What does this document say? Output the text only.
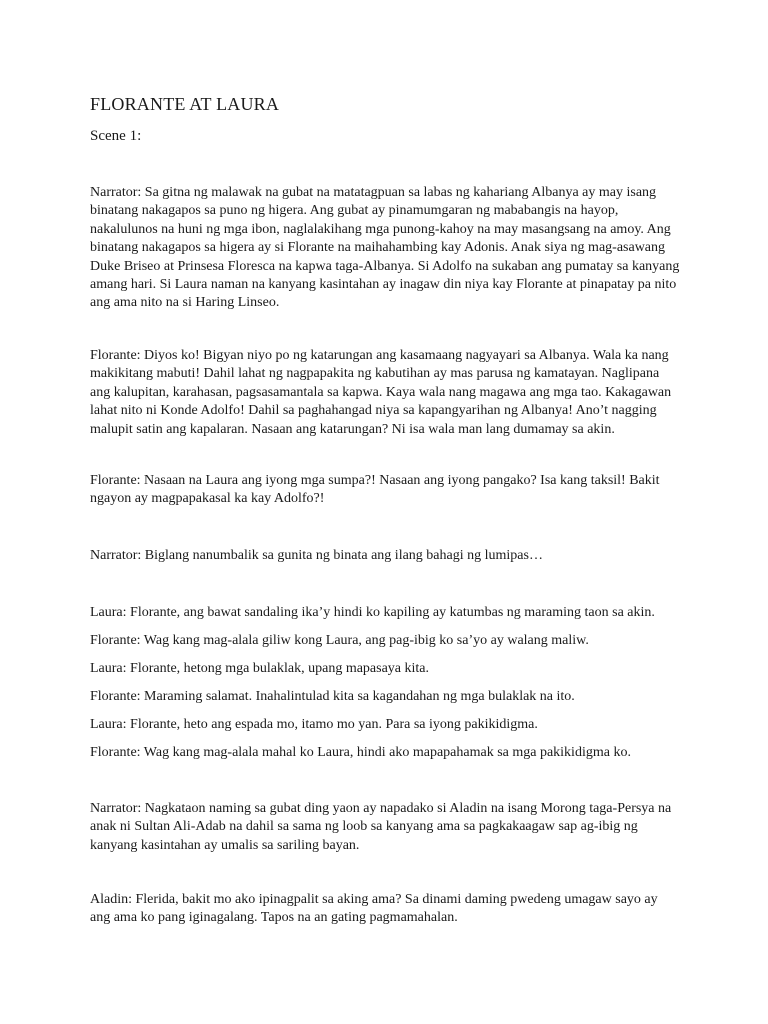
FLORANTE AT LAURA

Scene 1:

Narrator: Sa gitna ng malawak na gubat na matatagpuan sa labas ng kahariang Albanya ay may isang binatang nakagapos sa puno ng higera. Ang gubat ay pinamumgaran ng mababangis na hayop, nakalulunos na huni ng mga ibon, naglalakihang mga punong-kahoy na may masangsang na amoy. Ang binatang nakagapos sa higera ay si Florante na maihahambing kay Adonis. Anak siya ng mag-asawang Duke Briseo at Prinsesa Floresca na kapwa taga-Albanya. Si Adolfo na sukaban ang pumatay sa kanyang amang hari. Si Laura naman na kanyang kasintahan ay inagaw din niya kay Florante at pinapatay pa nito ang ama nito na si Haring Linseo.

Florante: Diyos ko! Bigyan niyo po ng katarungan ang kasamaang nagyayari sa Albanya. Wala ka nang makikitang mabuti! Dahil lahat ng nagpapakita ng kabutihan ay mas parusa ng kamatayan. Naglipana ang kalupitan, karahasan, pagsasamantala sa kapwa. Kaya wala nang magawa ang mga tao. Kakagawan lahat nito ni Konde Adolfo! Dahil sa paghahangad niya sa kapangyarihan ng Albanya! Ano’t nagging malupit satin ang kapalaran. Nasaan ang katarungan? Ni isa wala man lang dumamay sa akin.

Florante: Nasaan na Laura ang iyong mga sumpa?! Nasaan ang iyong pangako? Isa kang taksil! Bakit ngayon ay magpapakasal ka kay Adolfo?!

Narrator: Biglang nanumbalik sa gunita ng binata ang ilang bahagi ng lumipas…

Laura: Florante, ang bawat sandaling ika’y hindi ko kapiling ay katumbas ng maraming taon sa akin.

Florante: Wag kang mag-alala giliw kong Laura, ang pag-ibig ko sa’yo ay walang maliw.

Laura: Florante, hetong mga bulaklak, upang mapasaya kita.

Florante: Maraming salamat. Inahalintulad kita sa kagandahan ng mga bulaklak na ito.

Laura: Florante, heto ang espada mo, itamo mo yan. Para sa iyong pakikidigma.

Florante: Wag kang mag-alala mahal ko Laura, hindi ako mapapahamak sa mga pakikidigma ko.

Narrator: Nagkataon naming sa gubat ding yaon ay napadako si Aladin na isang Morong taga-Persya na anak ni Sultan Ali-Adab na dahil sa sama ng loob sa kanyang ama sa pagkakaagaw sap ag-ibig ng kanyang kasintahan ay umalis sa sariling bayan.

Aladin: Flerida, bakit mo ako ipinagpalit sa aking ama? Sa dinami daming pwedeng umagaw sayo ay ang ama ko pang iginagalang. Tapos na an gating pagmamahalan.
